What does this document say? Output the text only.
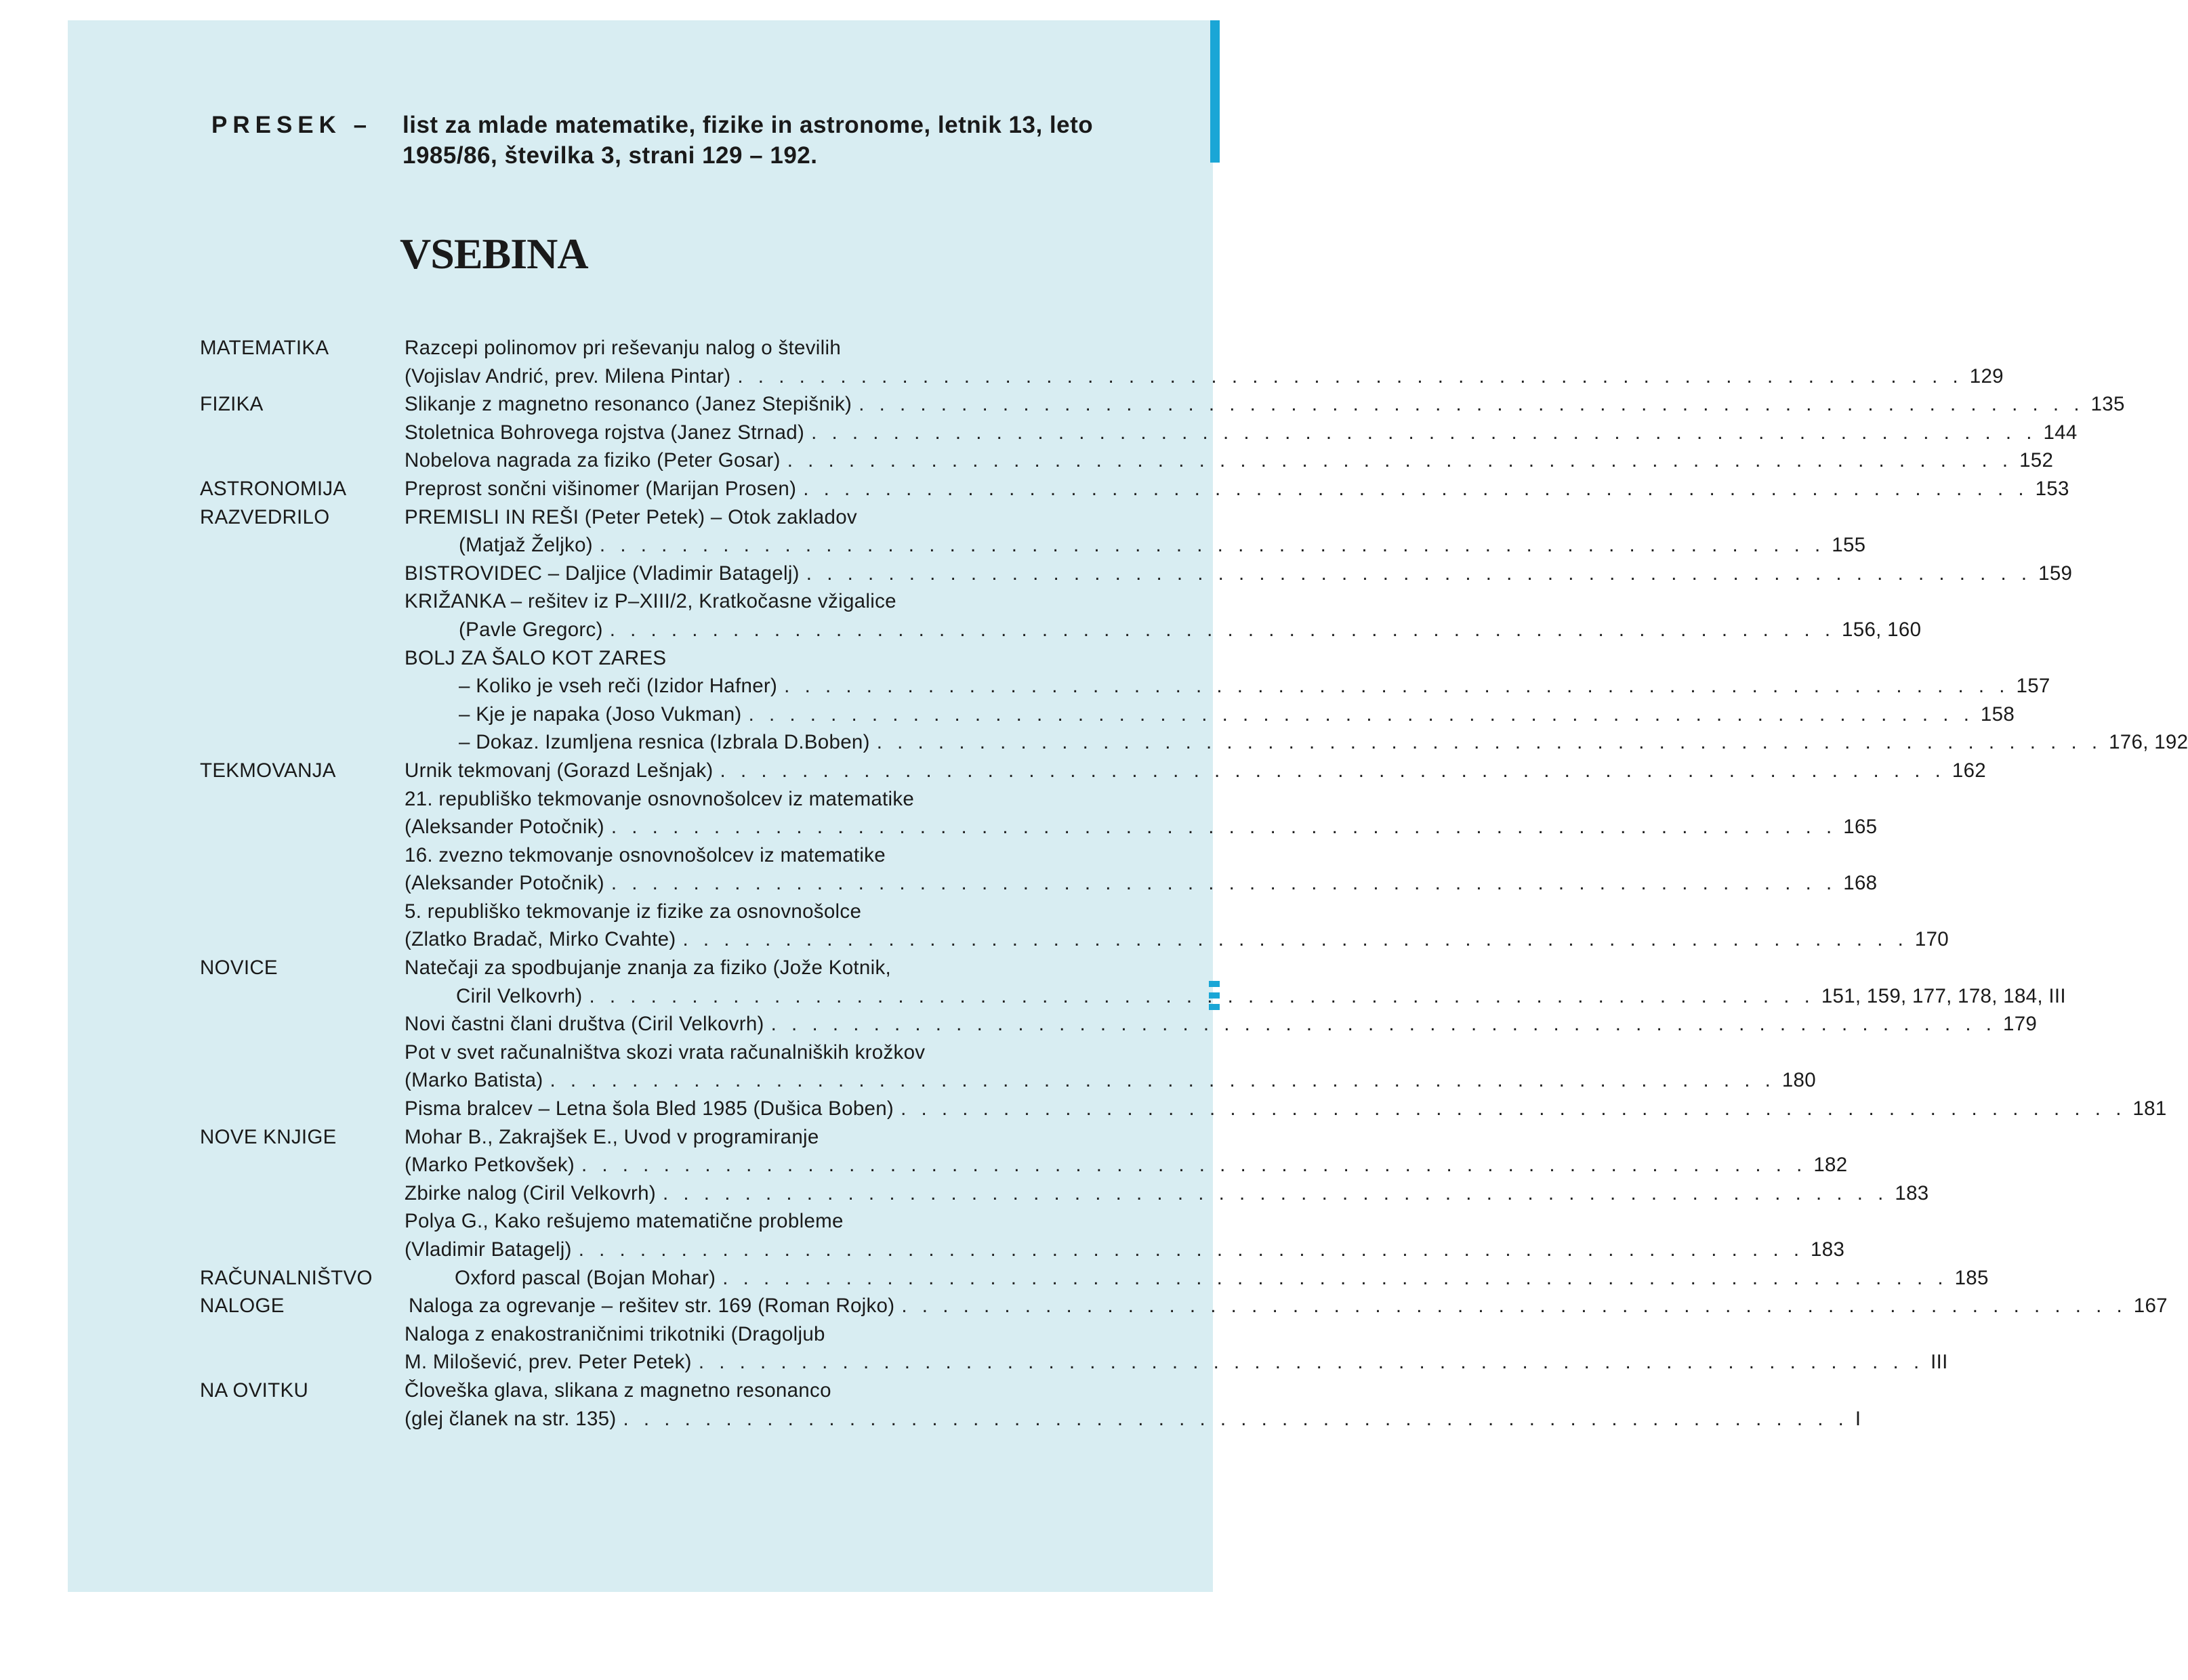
PRESEK – list za mlade matematike, fizike in astronome, letnik 13, leto 1985/86, številka 3, strani 129 – 192.
VSEBINA
MATEMATIKA	Razcepi polinomov pri reševanju nalog o številih
(Vojislav Andrić, prev. Milena Pintar) . . . . . . . . . . . . . . . . . . . . . . . . . . . . . . . . . . . . . . . . . . . . . . . . . . . . . . . . . . . . 129
FIZIKA	Slikanje z magnetno resonanco (Janez Stepišnik) . . . . . . . . . . . . . . . . . . . . . . . . . . . . . . . . . . . . . . . . . . . . . . . . . . . . . . . . . . . . 135
Stoletnica Bohrovega rojstva (Janez Strnad) . . . . . . . . . . . . . . . . . . . . . . . . . . . . . . . . . . . . . . . . . . . . . . . . . . . . . . . . . . . . 144
Nobelova nagrada za fiziko (Peter Gosar) . . . . . . . . . . . . . . . . . . . . . . . . . . . . . . . . . . . . . . . . . . . . . . . . . . . . . . . . . . . . 152
ASTRONOMIJA	Preprost sončni višinomer (Marijan Prosen) . . . . . . . . . . . . . . . . . . . . . . . . . . . . . . . . . . . . . . . . . . . . . . . . . . . . . . . . . . . . 153
RAZVEDRILO	PREMISLI IN REŠI (Peter Petek) – Otok zakladov
(Matjaž Željko) . . . . . . . . . . . . . . . . . . . . . . . . . . . . . . . . . . . . . . . . . . . . . . . . . . . . . . . . . . . . 155
BISTROVIDEC – Daljice (Vladimir Batagelj) . . . . . . . . . . . . . . . . . . . . . . . . . . . . . . . . . . . . . . . . . . . . . . . . . . . . . . . . . . . . 159
KRIŽANKA – rešitev iz P–XIII/2, Kratkočasne vžigalice
(Pavle Gregorc) . . . . . . . . . . . . . . . . . . . . . . . . . . . . . . . . . . . . . . . . . . . . . . . . . . . . . . . . . . . . 156, 160
BOLJ ZA ŠALO KOT ZARES
– Koliko je vseh reči (Izidor Hafner) . . . . . . . . . . . . . . . . . . . . . . . . . . . . . . . . . . . . . . . . . . . . . . . . . . . . . . . . . . . . 157
– Kje je napaka (Joso Vukman) . . . . . . . . . . . . . . . . . . . . . . . . . . . . . . . . . . . . . . . . . . . . . . . . . . . . . . . . . . . . 158
– Dokaz. Izumljena resnica (Izbrala D.Boben) . . . . . . . . . . . . . . . . . . . . . . . . . . . . . . . . . . . . . . . . . . . . . . . . . . . . . . . . . . . . 176, 192
TEKMOVANJA	Urnik tekmovanj (Gorazd Lešnjak) . . . . . . . . . . . . . . . . . . . . . . . . . . . . . . . . . . . . . . . . . . . . . . . . . . . . . . . . . . . . 162
21. republiško tekmovanje osnovnošolcev iz matematike
(Aleksander Potočnik) . . . . . . . . . . . . . . . . . . . . . . . . . . . . . . . . . . . . . . . . . . . . . . . . . . . . . . . . . . . . 165
16. zvezno tekmovanje osnovnošolcev iz matematike
(Aleksander Potočnik) . . . . . . . . . . . . . . . . . . . . . . . . . . . . . . . . . . . . . . . . . . . . . . . . . . . . . . . . . . . . 168
5. republiško tekmovanje iz fizike za osnovnošolce
(Zlatko Bradač, Mirko Cvahte) . . . . . . . . . . . . . . . . . . . . . . . . . . . . . . . . . . . . . . . . . . . . . . . . . . . . . . . . . . . . 170
NOVICE	Natečaji za spodbujanje znanja za fiziko (Jože Kotnik,
Ciril Velkovrh) . . . . . . . . . . . . . . . . . . . . . . . . . . . . . . . . . . . . . . . . . . . . . . . . . . . . . . . . . . . . 151, 159, 177, 178, 184, III
Novi častni člani društva (Ciril Velkovrh) . . . . . . . . . . . . . . . . . . . . . . . . . . . . . . . . . . . . . . . . . . . . . . . . . . . . . . . . . . . . 179
Pot v svet računalništva skozi vrata računalniških krožkov
(Marko Batista) . . . . . . . . . . . . . . . . . . . . . . . . . . . . . . . . . . . . . . . . . . . . . . . . . . . . . . . . . . . . 180
Pisma bralcev – Letna šola Bled 1985 (Dušica Boben) . . . . . . . . . . . . . . . . . . . . . . . . . . . . . . . . . . . . . . . . . . . . . . . . . . . . . . . . . . . . 181
NOVE KNJIGE	Mohar B., Zakrajšek E., Uvod v programiranje
(Marko Petkovšek) . . . . . . . . . . . . . . . . . . . . . . . . . . . . . . . . . . . . . . . . . . . . . . . . . . . . . . . . . . . . 182
Zbirke nalog (Ciril Velkovrh) . . . . . . . . . . . . . . . . . . . . . . . . . . . . . . . . . . . . . . . . . . . . . . . . . . . . . . . . . . . . 183
Polya G., Kako rešujemo matematične probleme
(Vladimir Batagelj) . . . . . . . . . . . . . . . . . . . . . . . . . . . . . . . . . . . . . . . . . . . . . . . . . . . . . . . . . . . . 183
RAČUNALNIŠTVO	Oxford pascal (Bojan Mohar) . . . . . . . . . . . . . . . . . . . . . . . . . . . . . . . . . . . . . . . . . . . . . . . . . . . . . . . . . . . . 185
NALOGE	Naloga za ogrevanje – rešitev str. 169 (Roman Rojko) . . . . . . . . . . . . . . . . . . . . . . . . . . . . . . . . . . . . . . . . . . . . . . . . . . . . . . . . . . . . 167
Naloga z enakostraničnimi trikotniki (Dragoljub
M. Milošević, prev. Peter Petek) . . . . . . . . . . . . . . . . . . . . . . . . . . . . . . . . . . . . . . . . . . . . . . . . . . . . . . . . . . . . III
NA OVITKU	Človeška glava, slikana z magnetno resonanco
(glej članek na str. 135) . . . . . . . . . . . . . . . . . . . . . . . . . . . . . . . . . . . . . . . . . . . . . . . . . . . . . . . . . . . . I
